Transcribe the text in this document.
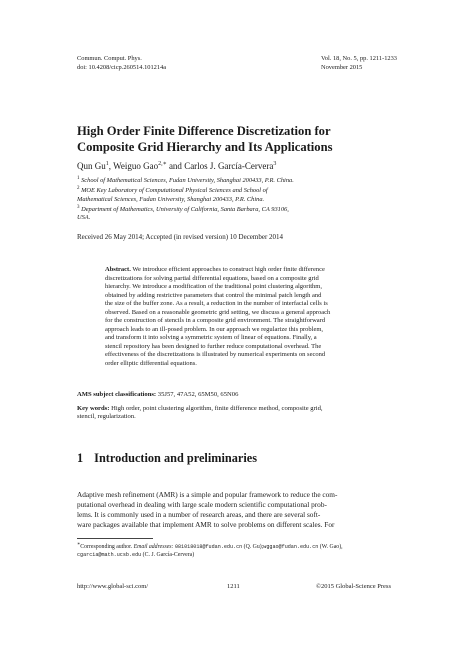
Commun. Comput. Phys.
doi: 10.4208/cicp.260514.101214a
Vol. 18, No. 5, pp. 1211-1233
November 2015
High Order Finite Difference Discretization for
Composite Grid Hierarchy and Its Applications
Qun Gu$^1$, Weiguo Gao$^{2,∗}$ and Carlos J. García-Cervera$^3$

$^1$ School of Mathematical Sciences, Fudan University, Shanghai 200433, P.R. China.

$^2$ MOE Key Laboratory of Computational Physical Sciences and School of

Mathematical Sciences, Fudan University, Shanghai 200433, P.R. China.

$^3$ Department of Mathematics, University of California, Santa Barbara, CA 93106,

USA.

Received 26 May 2014; Accepted (in revised version) 10 December 2014
Abstract. We introduce efficient approaches to construct high order finite difference
discretizations for solving partial differential equations, based on a composite grid
hierarchy. We introduce a modification of the traditional point clustering algorithm,
obtained by adding restrictive parameters that control the minimal patch length and
the size of the buffer zone. As a result, a reduction in the number of interfacial cells is
observed. Based on a reasonable geometric grid setting, we discuss a general approach
for the construction of stencils in a composite grid environment. The straightforward
approach leads to an ill-posed problem. In our approach we regularize this problem,
and transform it into solving a symmetric system of linear of equations. Finally, a
stencil repository has been designed to further reduce computational overhead. The
effectiveness of the discretizations is illustrated by numerical experiments on second
order elliptic differential equations.
AMS subject classifications: 35J57, 47A52, 65M50, 65N06
Key words: High order, point clustering algorithm, finite difference method, composite grid,
stencil, regularization.
1 Introduction and preliminaries
Adaptive mesh refinement (AMR) is a simple and popular framework to reduce the com-
putational overhead in dealing with large scale modern scientific computational prob-
lems. It is commonly used in a number of research areas, and there are several soft-
ware packages available that implement AMR to solve problems on different scales. For
∗Corresponding author. Email addresses: 081018018@fudan.edu.cn (Q. Gu);wggao@fudan.edu.cn (W. Gao),
cgarcia@math.ucsb.edu (C. J. García-Cervera)
http://www.global-sci.com/	1211	©2015 Global-Science Press
